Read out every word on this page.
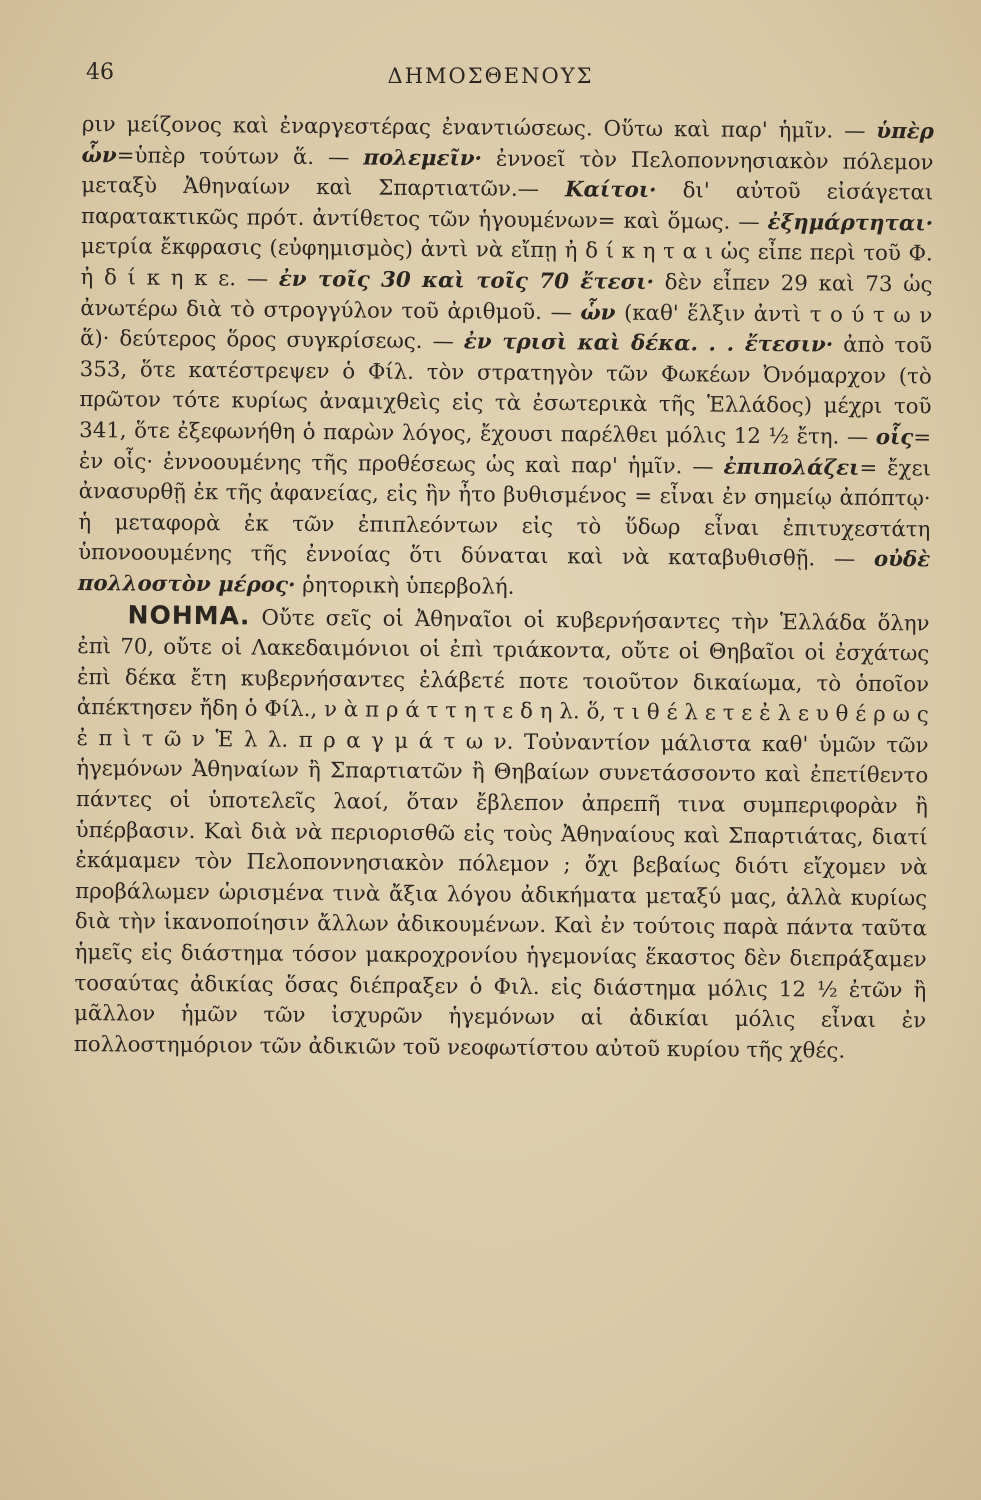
46	ΔΗΜΟΣΘΕΝΟΥΣ

ριν μείζονος καὶ ἐναργεστέρας ἐναντιώσεως. Οὕτω καὶ παρ' ἡμῖν. — ὑπὲρ ὧν=ὑπὲρ τούτων ἅ. — πολεμεῖν· ἐννοεῖ τὸν Πελοποννησιακὸν πόλεμον μεταξὺ Ἀθηναίων καὶ Σπαρτιατῶν.— Καίτοι· δι' αὐτοῦ εἰσάγεται παρατακτικῶς πρότ. ἀντίθετος τῶν ἡγουμένων= καὶ ὅμως. — ἐξημάρτηται· μετρία ἔκφρασις (εὐφημισμὸς) ἀντὶ νὰ εἴπῃ ἠ δ ί κ η τ α ι ὡς εἶπε περὶ τοῦ Φ. ἠ δ ί κ η κ ε. — ἐν τοῖς 30 καὶ τοῖς 70 ἔτεσι· δὲν εἶπεν 29 καὶ 73 ὡς ἀνωτέρω διὰ τὸ στρογγύλον τοῦ ἀριθμοῦ. — ὧν (καθ' ἕλξιν ἀντὶ τ ο ύ τ ω ν ἅ)· δεύτερος ὅρος συγκρίσεως. — ἐν τρισὶ καὶ δέκα. . . ἔτεσιν· ἀπὸ τοῦ 353, ὅτε κατέστρεψεν ὁ Φίλ. τὸν στρατηγὸν τῶν Φωκέων Ὀνόμαρχον (τὸ πρῶτον τότε κυρίως ἀναμιχθεὶς εἰς τὰ ἐσωτερικὰ τῆς Ἑλλάδος) μέχρι τοῦ 341, ὅτε ἐξεφωνήθη ὁ παρὼν λόγος, ἔχουσι παρέλθει μόλις 12 ½ ἔτη. — οἷς= ἐν οἷς· ἐννοουμένης τῆς προθέσεως ὡς καὶ παρ' ἡμῖν. — ἐπιπολάζει= ἔχει ἀνασυρθῇ ἐκ τῆς ἀφανείας, εἰς ἣν ἦτο βυθισμένος = εἶναι ἐν σημείῳ ἀπόπτῳ· ἡ μεταφορὰ ἐκ τῶν ἐπιπλεόντων εἰς τὸ ὕδωρ εἶναι ἐπιτυχεστάτη ὑπονοουμένης τῆς ἐννοίας ὅτι δύναται καὶ νὰ καταβυθισθῇ. — οὐδὲ πολλοστὸν μέρος· ῥητορικὴ ὑπερβολή.

ΝΟΗΜΑ. Οὔτε σεῖς οἱ Ἀθηναῖοι οἱ κυβερνήσαντες τὴν Ἑλλάδα ὅλην ἐπὶ 70, οὔτε οἱ Λακεδαιμόνιοι οἱ ἐπὶ τριάκοντα, οὔτε οἱ Θηβαῖοι οἱ ἐσχάτως ἐπὶ δέκα ἔτη κυβερνήσαντες ἐλάβετέ ποτε τοιοῦτον δικαίωμα, τὸ ὁποῖον ἀπέκτησεν ἤδη ὁ Φίλ., ν ὰ π ρ ά τ τ η τ ε δ η λ. ὅ, τ ι θ έ λ ε τ ε ἐ λ ε υ θ έ ρ ω ς ἐ π ὶ τ ῶ ν Ἑ λ λ. π ρ α γ μ ά τ ω ν. Τοὐναντίον μάλιστα καθ' ὑμῶν τῶν ἡγεμόνων Ἀθηναίων ἢ Σπαρτιατῶν ἢ Θηβαίων συνετάσσοντο καὶ ἐπετίθεντο πάντες οἱ ὑποτελεῖς λαοί, ὅταν ἔβλεπον ἀπρεπῆ τινα συμπεριφορὰν ἢ ὑπέρβασιν. Καὶ διὰ νὰ περιορισθῶ εἰς τοὺς Ἀθηναίους καὶ Σπαρτιάτας, διατί ἐκάμαμεν τὸν Πελοποννησιακὸν πόλεμον ; ὄχι βεβαίως διότι εἴχομεν νὰ προβάλωμεν ὡρισμένα τινὰ ἄξια λόγου ἀδικήματα μεταξύ μας, ἀλλὰ κυρίως διὰ τὴν ἱκανοποίησιν ἄλλων ἀδικουμένων. Καὶ ἐν τούτοις παρὰ πάντα ταῦτα ἡμεῖς εἰς διάστημα τόσον μακροχρονίου ἡγεμονίας ἕκαστος δὲν διεπράξαμεν τοσαύτας ἀδικίας ὅσας διέπραξεν ὁ Φιλ. εἰς διάστημα μόλις 12 ½ ἐτῶν ἢ μᾶλλον ἡμῶν τῶν ἰσχυρῶν ἡγεμόνων αἱ ἀδικίαι μόλις εἶναι ἐν πολλοστημόριον τῶν ἀδικιῶν τοῦ νεοφωτίστου αὐτοῦ κυρίου τῆς χθές.
